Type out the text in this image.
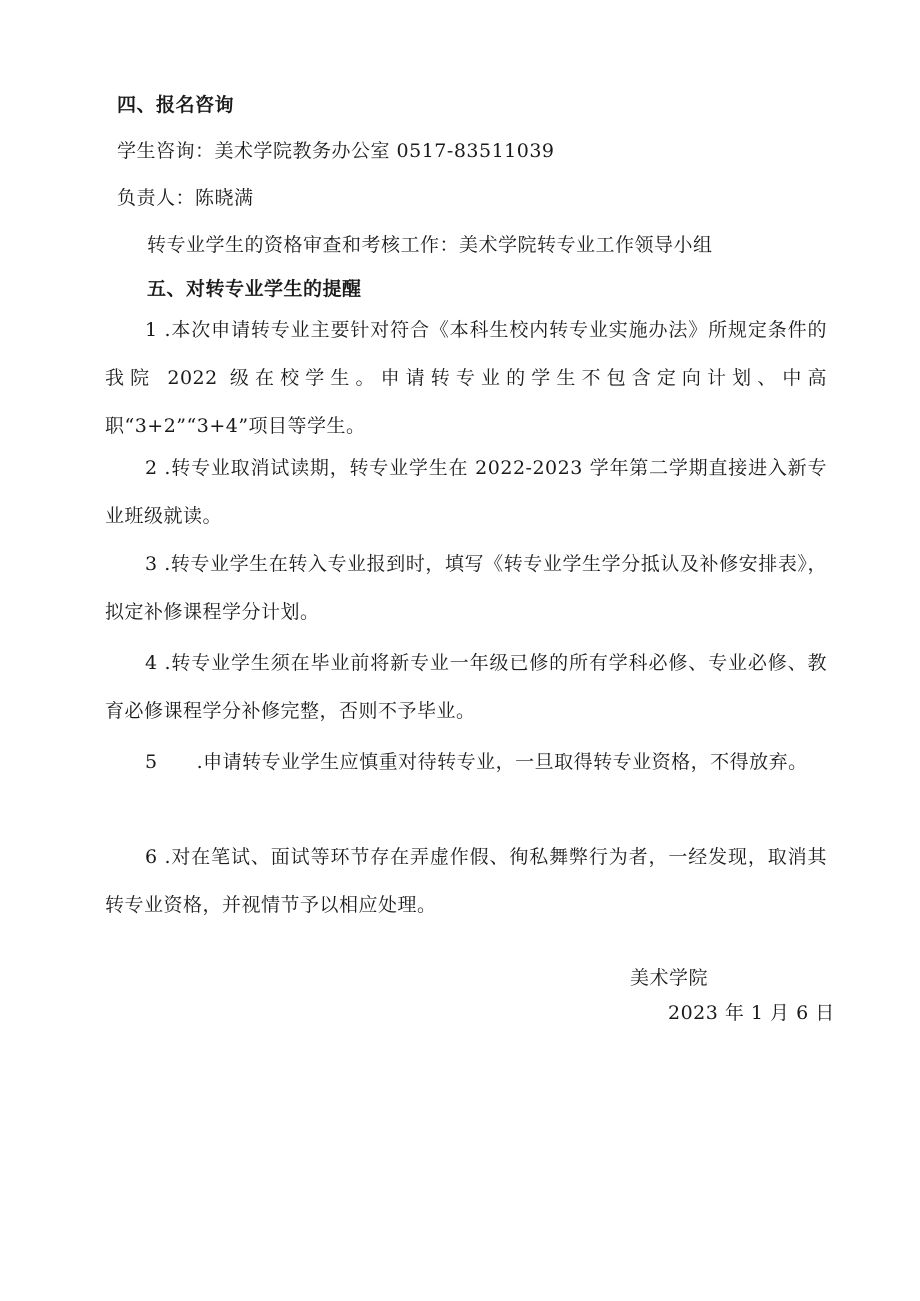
四、报名咨询
学生咨询：美术学院教务办公室 0517-83511039
负责人：陈晓满
转专业学生的资格审查和考核工作：美术学院转专业工作领导小组
五、对转专业学生的提醒
1 .本次申请转专业主要针对符合《本科生校内转专业实施办法》所规定条件的我院 2022 级在校学生。申请转专业的学生不包含定向计划、中高职“3+2”“3+4”项目等学生。
2 .转专业取消试读期，转专业学生在 2022-2023 学年第二学期直接进入新专业班级就读。
3 .转专业学生在转入专业报到时，填写《转专业学生学分抵认及补修安排表》，拟定补修课程学分计划。
4 .转专业学生须在毕业前将新专业一年级已修的所有学科必修、专业必修、教育必修课程学分补修完整，否则不予毕业。
5　　.申请转专业学生应慎重对待转专业，一旦取得转专业资格，不得放弃。
6 .对在笔试、面试等环节存在弄虚作假、徇私舞弊行为者，一经发现，取消其转专业资格，并视情节予以相应处理。
美术学院
2023 年 1 月 6 日
